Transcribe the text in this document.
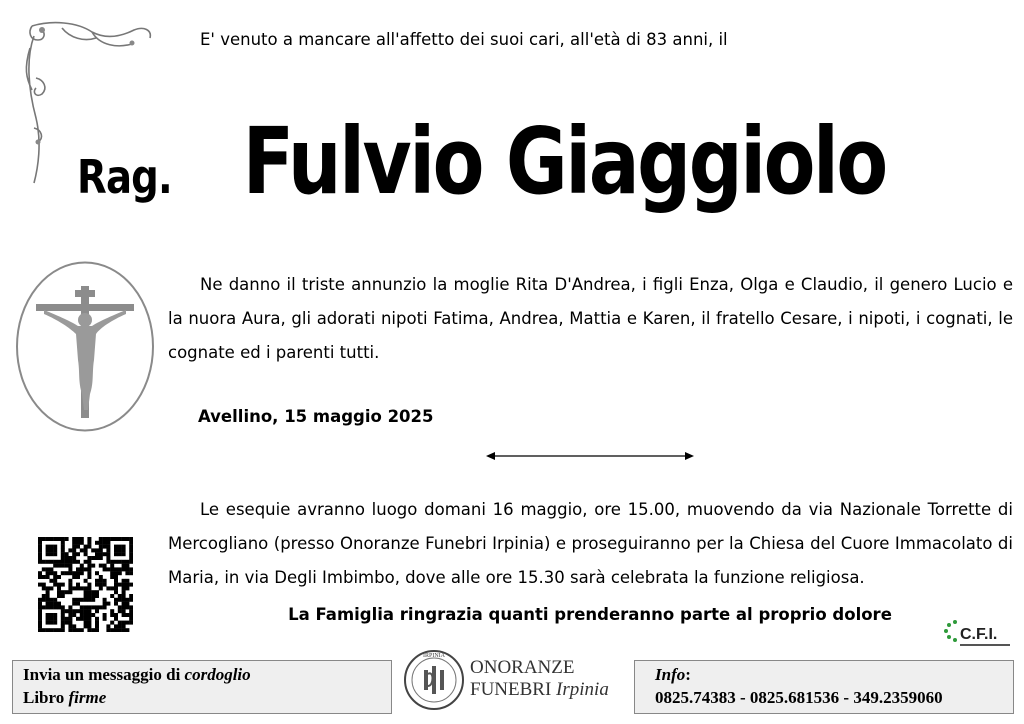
E' venuto a mancare all'affetto dei suoi cari, all'età di 83 anni, il
Rag. Fulvio Giaggiolo
Ne danno il triste annunzio la moglie Rita D'Andrea, i figli Enza, Olga e Claudio, il genero Lucio e la nuora Aura, gli adorati nipoti Fatima, Andrea, Mattia e Karen, il fratello Cesare, i nipoti, i cognati, le cognate ed i parenti tutti.
Avellino, 15 maggio 2025
Le esequie avranno luogo domani 16 maggio, ore 15.00, muovendo da via Nazionale Torrette di Mercogliano (presso Onoranze Funebri Irpinia) e proseguiranno per la Chiesa del Cuore Immacolato di Maria, in via Degli Imbimbo, dove alle ore 15.30 sarà celebrata la funzione religiosa.
La Famiglia ringrazia quanti prenderanno parte al proprio dolore
C.F.I.
Invia un messaggio di cordoglio
Libro firme
IRPINIA
ONORANZE
FUNEBRI Irpinia
Info:
0825.74383 - 0825.681536 - 349.2359060
